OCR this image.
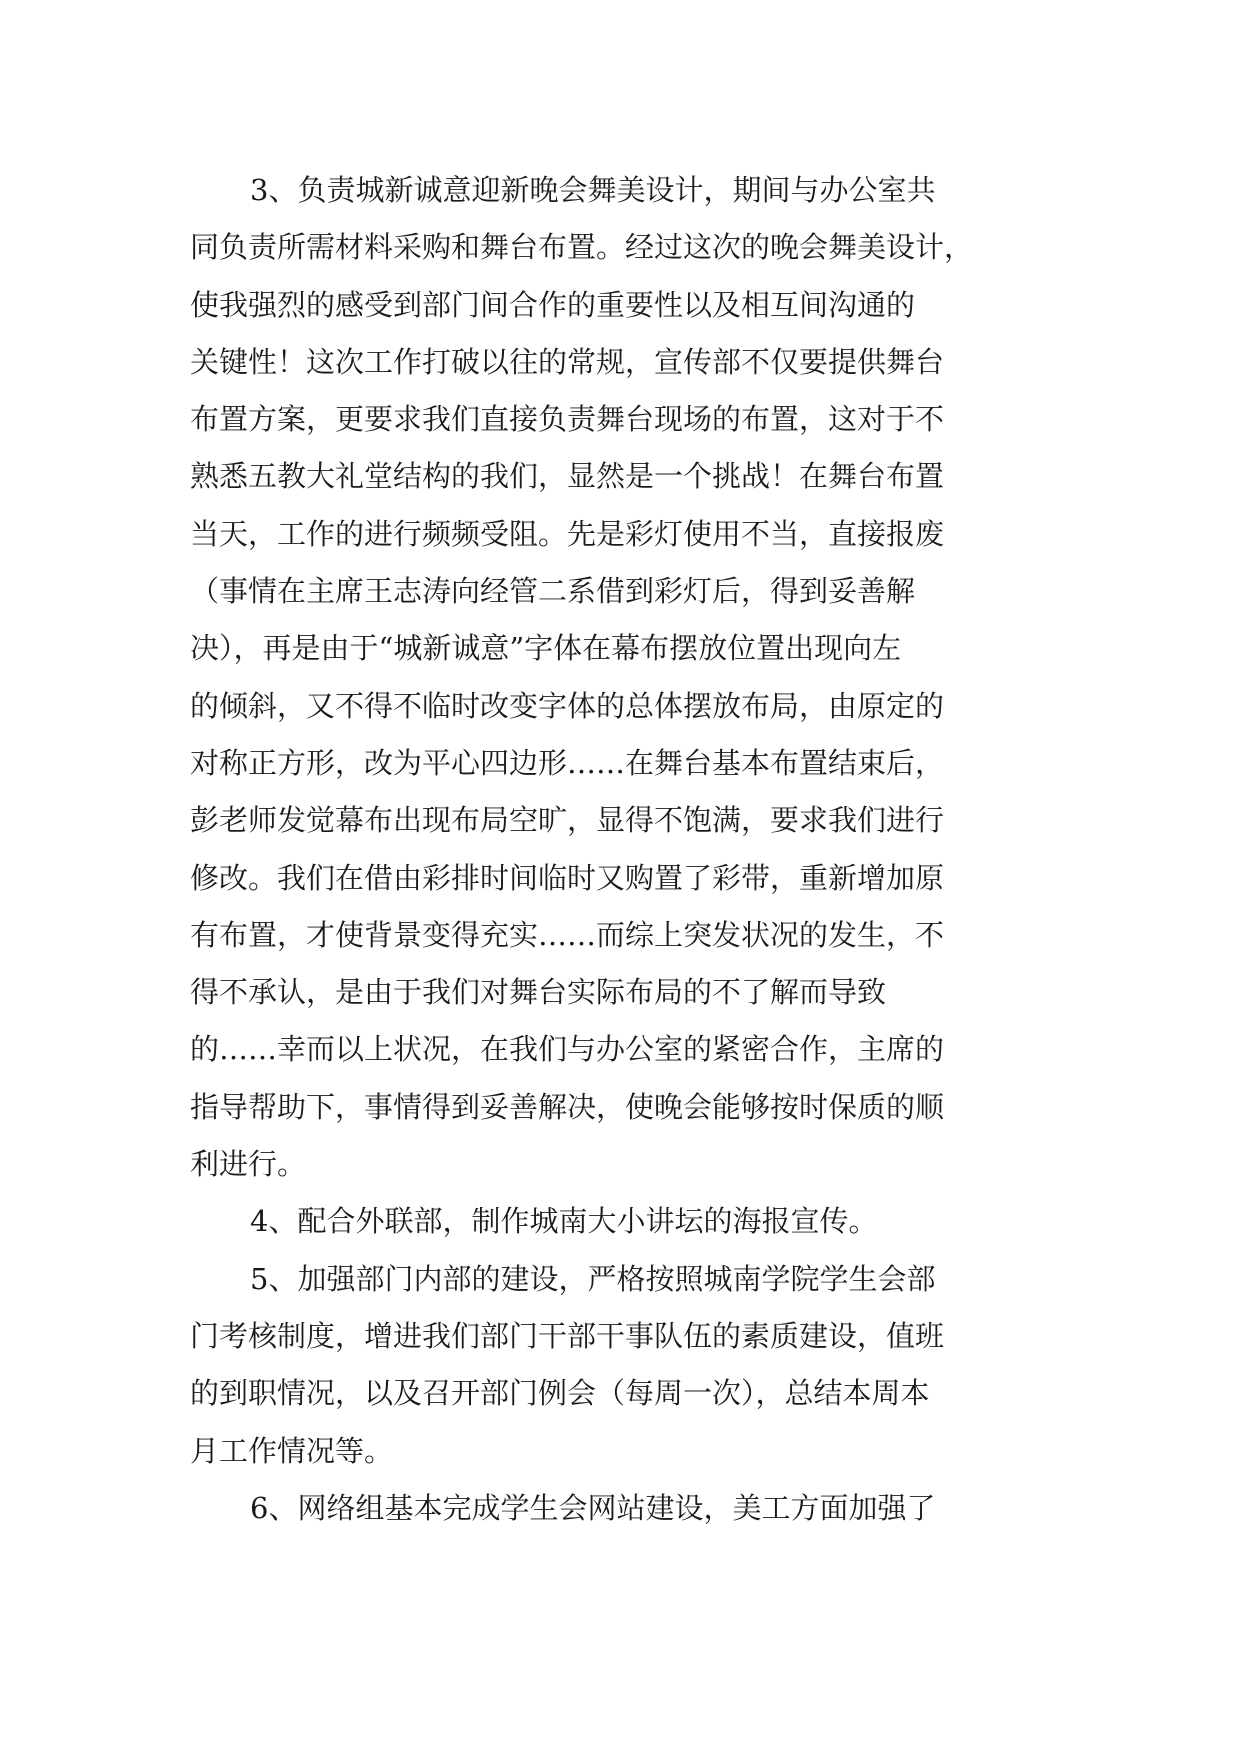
3、负责城新诚意迎新晚会舞美设计，期间与办公室共
同负责所需材料采购和舞台布置。经过这次的晚会舞美设计，
使我强烈的感受到部门间合作的重要性以及相互间沟通的
关键性！这次工作打破以往的常规，宣传部不仅要提供舞台
布置方案，更要求我们直接负责舞台现场的布置，这对于不
熟悉五教大礼堂结构的我们，显然是一个挑战！在舞台布置
当天，工作的进行频频受阻。先是彩灯使用不当，直接报废
（事情在主席王志涛向经管二系借到彩灯后，得到妥善解
决），再是由于“城新诚意”字体在幕布摆放位置出现向左
的倾斜，又不得不临时改变字体的总体摆放布局，由原定的
对称正方形，改为平心四边形……在舞台基本布置结束后，
彭老师发觉幕布出现布局空旷，显得不饱满，要求我们进行
修改。我们在借由彩排时间临时又购置了彩带，重新增加原
有布置，才使背景变得充实……而综上突发状况的发生，不
得不承认，是由于我们对舞台实际布局的不了解而导致
的……幸而以上状况，在我们与办公室的紧密合作，主席的
指导帮助下，事情得到妥善解决，使晚会能够按时保质的顺
利进行。
4、配合外联部，制作城南大小讲坛的海报宣传。
5、加强部门内部的建设，严格按照城南学院学生会部
门考核制度，增进我们部门干部干事队伍的素质建设，值班
的到职情况，以及召开部门例会（每周一次），总结本周本
月工作情况等。
6、网络组基本完成学生会网站建设，美工方面加强了
